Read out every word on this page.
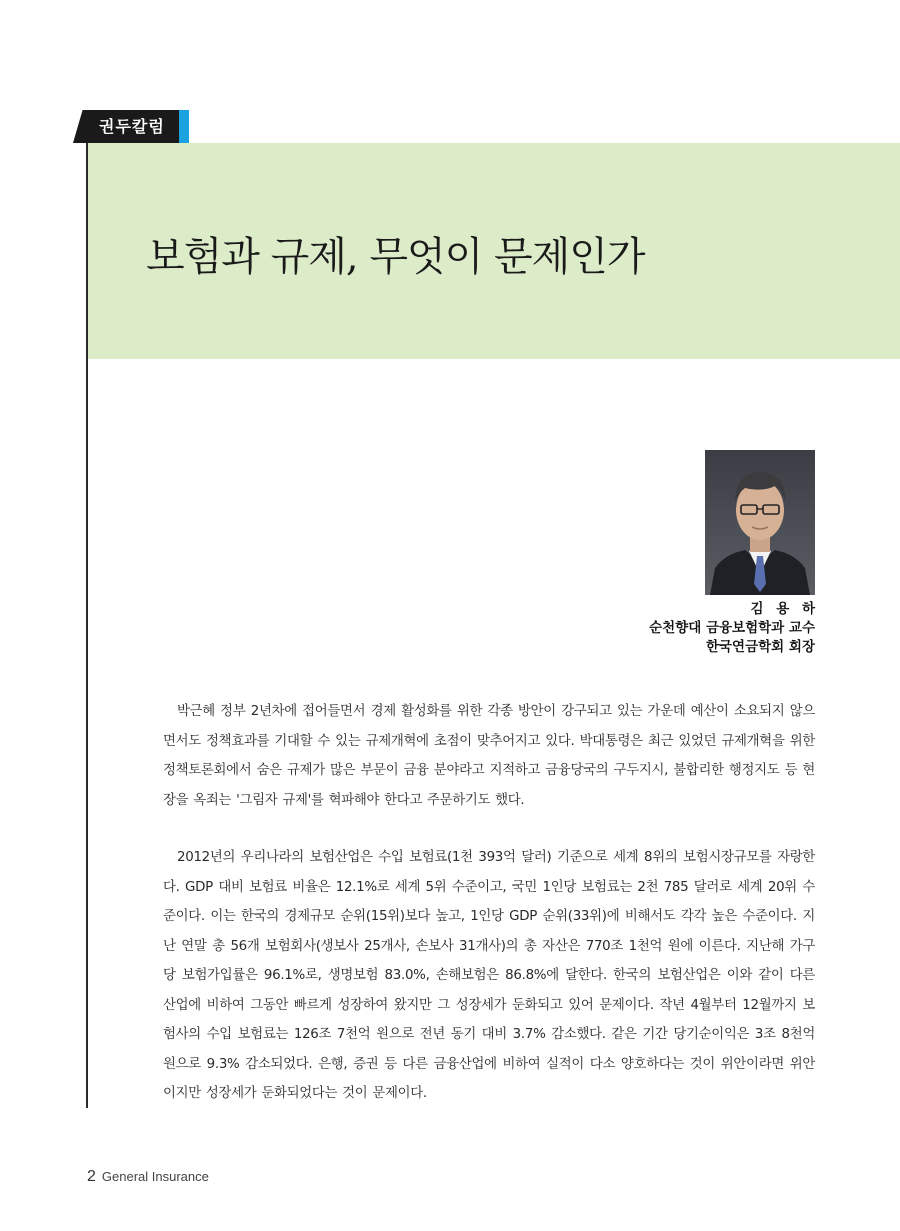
권두칼럼
보험과 규제, 무엇이 문제인가
김 용 하
순천향대 금융보험학과 교수
한국연금학회 회장

박근혜 정부 2년차에 접어들면서 경제 활성화를 위한 각종 방안이 강구되고 있는 가운데 예산이 소요되지 않으면서도 정책효과를 기대할 수 있는 규제개혁에 초점이 맞추어지고 있다. 박대통령은 최근 있었던 규제개혁을 위한 정책토론회에서 숨은 규제가 많은 부문이 금융 분야라고 지적하고 금융당국의 구두지시, 불합리한 행정지도 등 현장을 옥죄는 '그림자 규제'를 혁파해야 한다고 주문하기도 했다.

2012년의 우리나라의 보험산업은 수입 보험료(1천 393억 달러) 기준으로 세계 8위의 보험시장규모를 자랑한다. GDP 대비 보험료 비율은 12.1%로 세계 5위 수준이고, 국민 1인당 보험료는 2천 785 달러로 세계 20위 수준이다. 이는 한국의 경제규모 순위(15위)보다 높고, 1인당 GDP 순위(33위)에 비해서도 각각 높은 수준이다. 지난 연말 총 56개 보험회사(생보사 25개사, 손보사 31개사)의 총 자산은 770조 1천억 원에 이른다. 지난해 가구당 보험가입률은 96.1%로, 생명보험 83.0%, 손해보험은 86.8%에 달한다. 한국의 보험산업은 이와 같이 다른 산업에 비하여 그동안 빠르게 성장하여 왔지만 그 성장세가 둔화되고 있어 문제이다. 작년 4월부터 12월까지 보험사의 수입 보험료는 126조 7천억 원으로 전년 동기 대비 3.7% 감소했다. 같은 기간 당기순이익은 3조 8천억 원으로 9.3% 감소되었다. 은행, 증권 등 다른 금융산업에 비하여 실적이 다소 양호하다는 것이 위안이라면 위안이지만 성장세가 둔화되었다는 것이 문제이다.

2 General Insurance
